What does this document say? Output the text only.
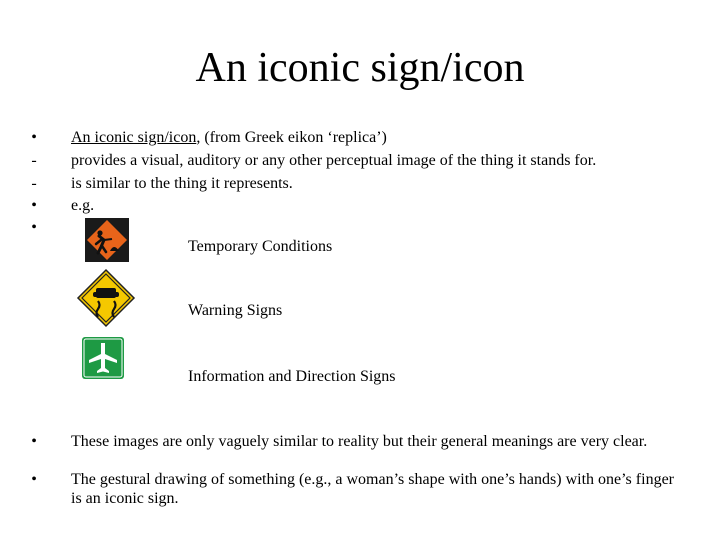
An iconic sign/icon
• An iconic sign/icon, (from Greek eikon ‘replica’)
- provides a visual, auditory or any other perceptual image of the thing it stands for.
- is similar to the thing it represents.
• e.g.
•
Temporary Conditions
Warning Signs
Information and Direction Signs
• These images are only vaguely similar to reality but their general meanings are very clear.
• The gestural drawing of something (e.g., a woman’s shape with one’s hands) with one’s finger is an iconic sign.
